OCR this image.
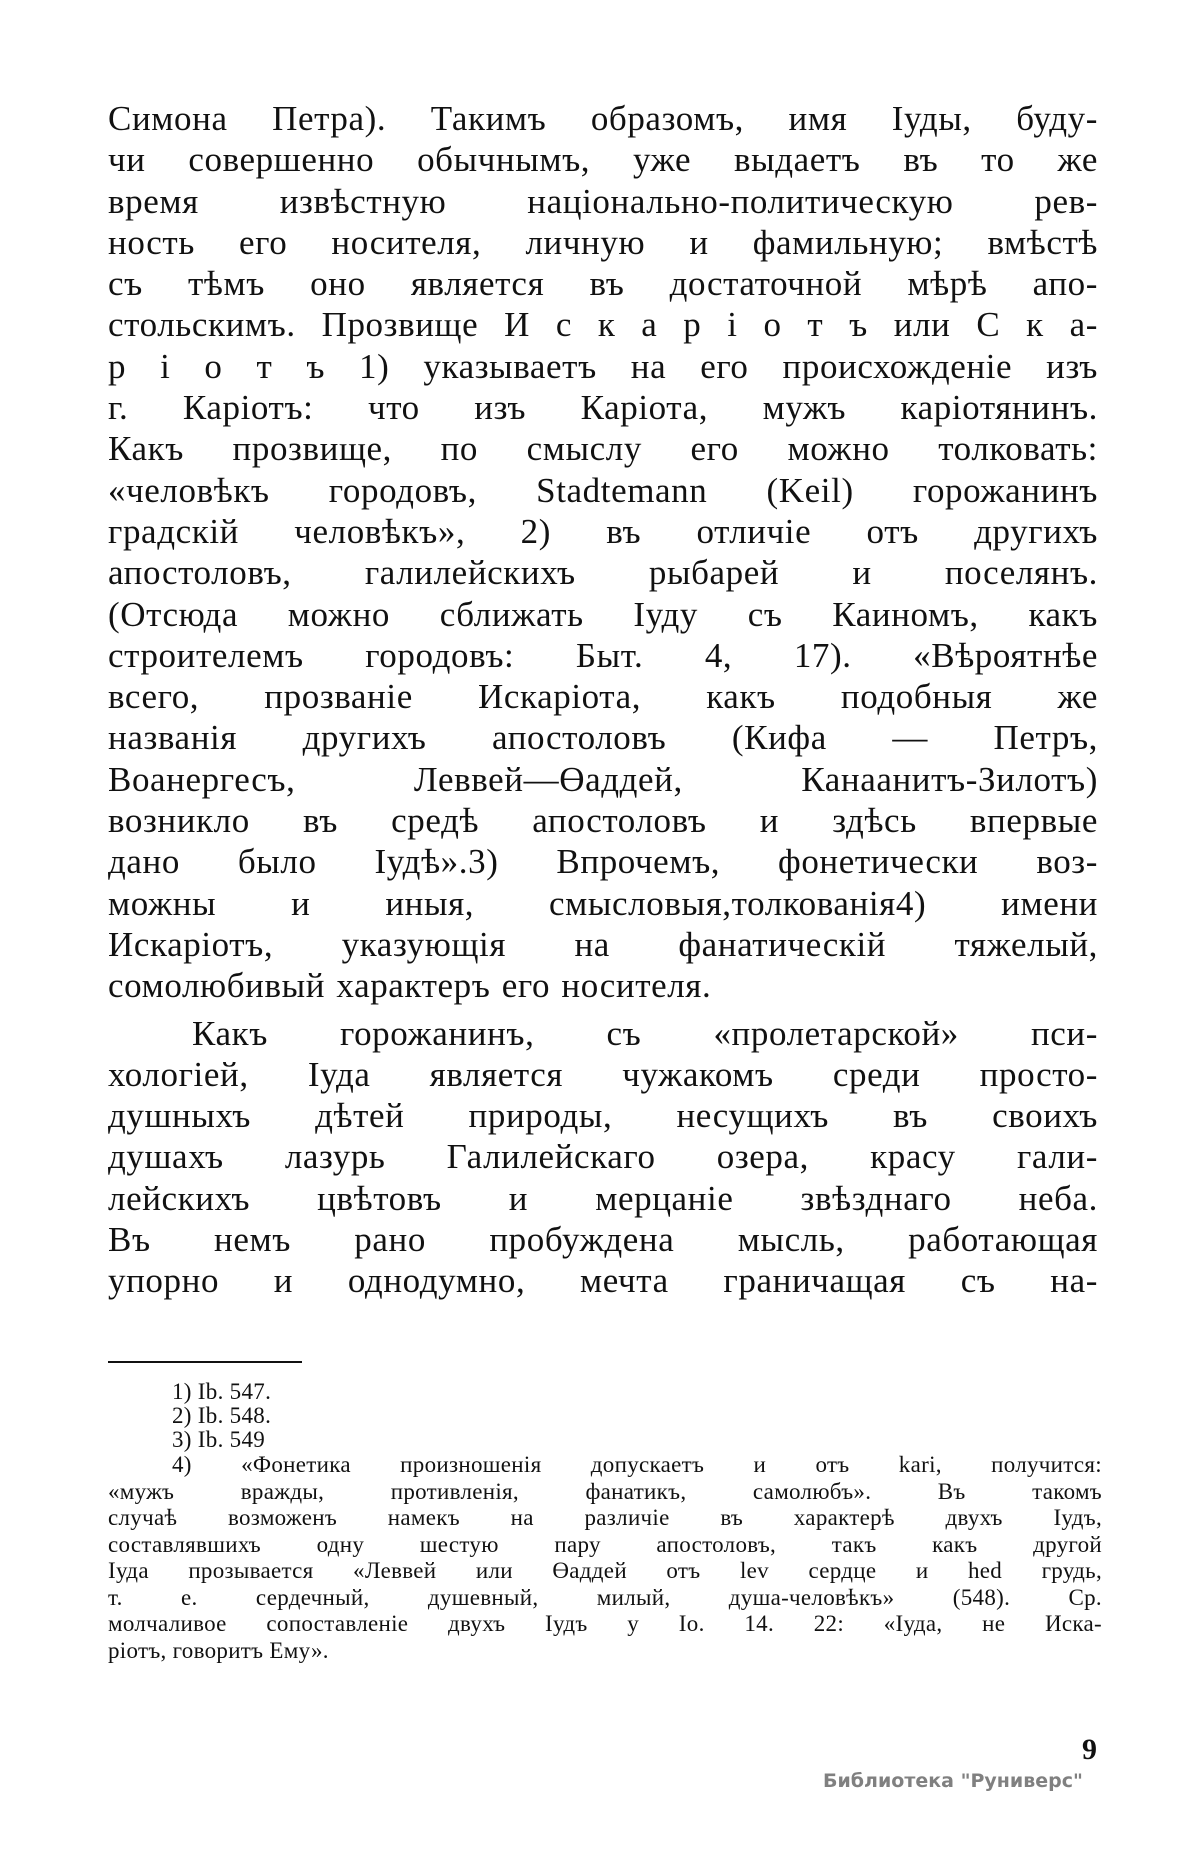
Симона Петра). Такимъ образомъ, имя Іуды, буду-
чи совершенно обычнымъ, уже выдаетъ въ то же
время извѣстную національно-политическую рев-
ность его носителя, личную и фамильную; вмѣстѣ
съ тѣмъ оно является въ достаточной мѣрѣ апо-
стольскимъ. Прозвище И с к а р і о т ъ или С к а-
р і о т ъ 1) указываетъ на его происхожденіе изъ
г. Каріотъ: что изъ Каріота, мужъ каріотянинъ.
Какъ прозвище, по смыслу его можно толковать:
«человѣкъ городовъ, Stadtemann (Keil) горожанинъ
градскій человѣкъ», 2) въ отличіе отъ другихъ
апостоловъ, галилейскихъ рыбарей и поселянъ.
(Отсюда можно сближать Іуду съ Каиномъ, какъ
строителемъ городовъ: Быт. 4, 17). «Вѣроятнѣе
всего, прозваніе Искаріота, какъ подобныя же
названія другихъ апостоловъ (Кифа — Петръ,
Воанергесъ, Леввей—Өаддей, Канаанитъ-Зилотъ)
возникло въ средѣ апостоловъ и здѣсь впервые
дано было Іудѣ».3) Впрочемъ, фонетически воз-
можны и иныя, смысловыя,толкованія4) имени
Искаріотъ, указующія на фанатическій тяжелый,
сомолюбивый характеръ его носителя.
Какъ горожанинъ, съ «пролетарской» пси-
хологіей, Іуда является чужакомъ среди просто-
душныхъ дѣтей природы, несущихъ въ своихъ
душахъ лазурь Галилейскаго озера, красу гали-
лейскихъ цвѣтовъ и мерцаніе звѣзднаго неба.
Въ немъ рано пробуждена мысль, работающая
упорно и однодумно, мечта граничащая съ на-
1) Ib. 547.
2) Ib. 548.
3) Ib. 549
4) «Фонетика произношенія допускаетъ и отъ kari, получится:
«мужъ вражды, противленія, фанатикъ, самолюбъ». Въ такомъ
случаѣ возможенъ намекъ на различіе въ характерѣ двухъ Іудъ,
составлявшихъ одну шестую пару апостоловъ, такъ какъ другой
Іуда прозывается «Леввей или Өаддей отъ lev сердце и hed грудь,
т. е. сердечный, душевный, милый, душа-человѣкъ» (548). Ср.
молчаливое сопоставленіе двухъ Іудъ у Io. 14. 22: «Іуда, не Иска-
ріотъ, говоритъ Ему».
9
Библиотека "Руниверс"
